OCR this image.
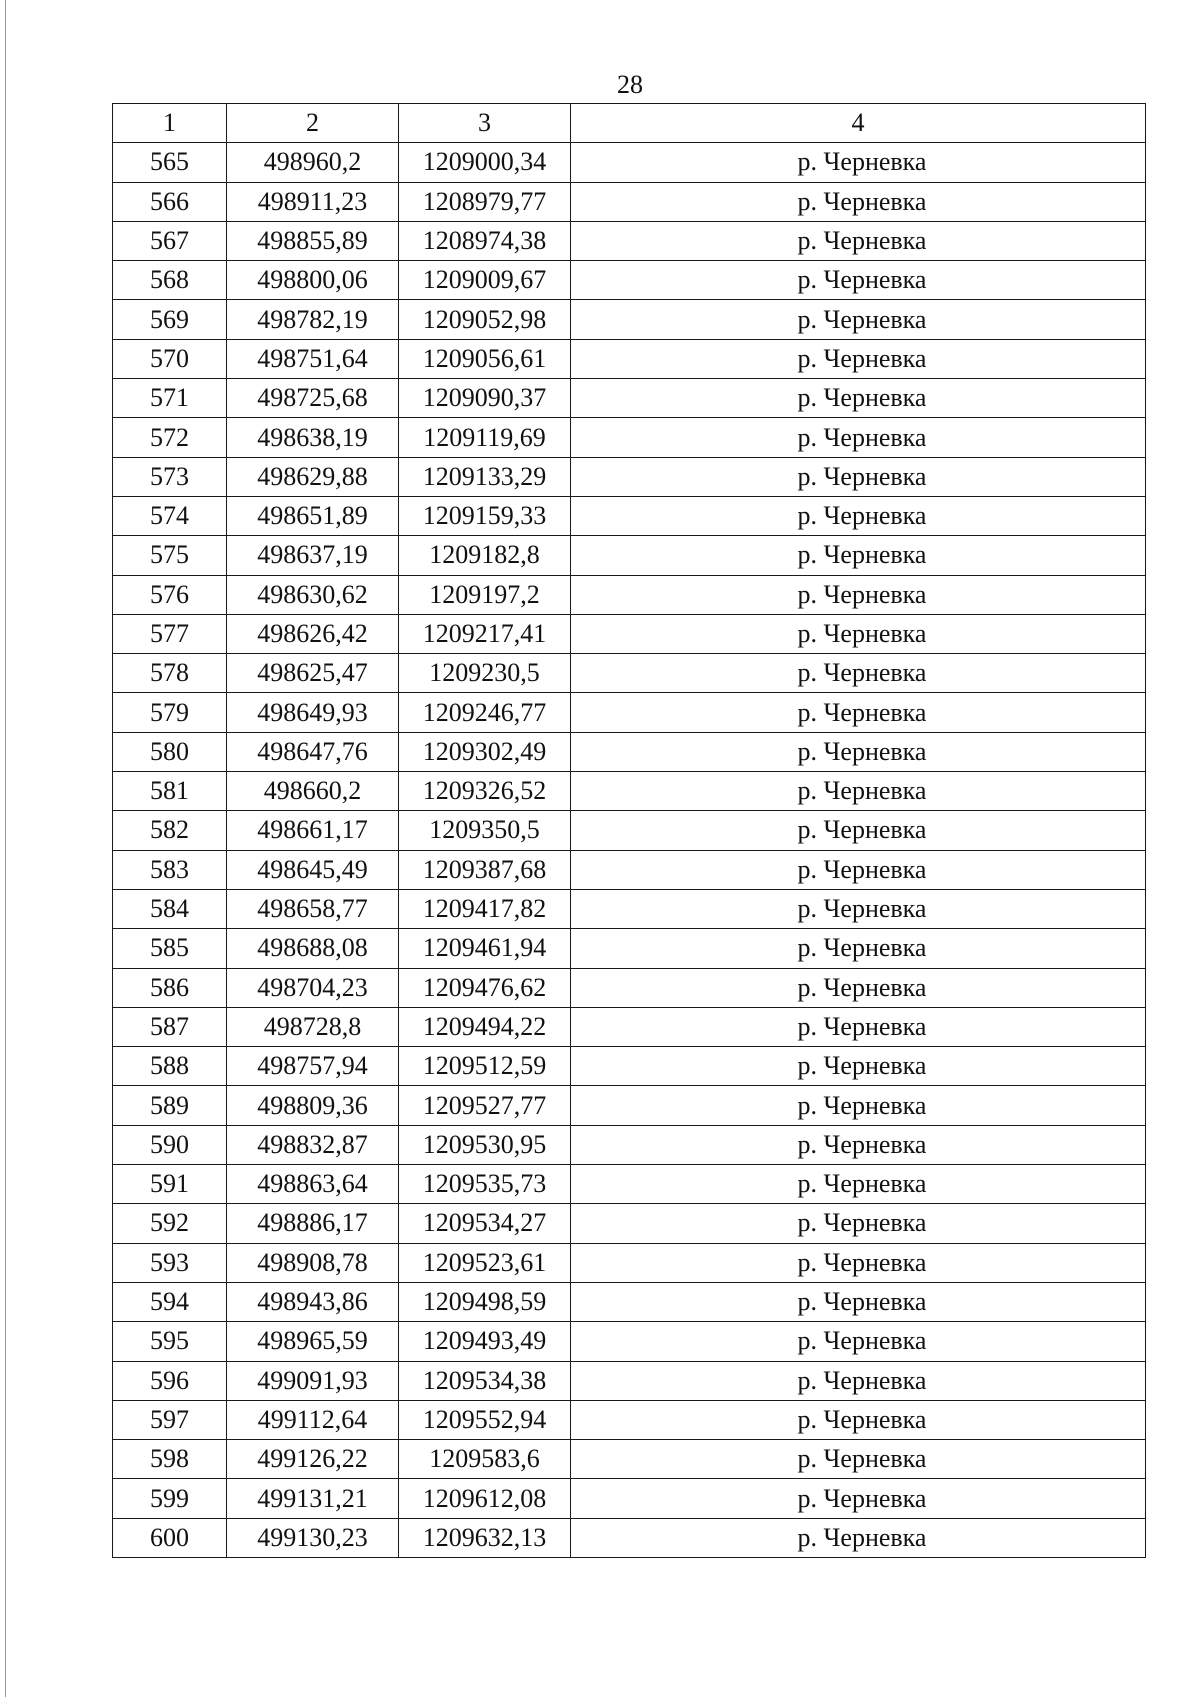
28
1	2	3	4
565	498960,2	1209000,34	р. Черневка
566	498911,23	1208979,77	р. Черневка
567	498855,89	1208974,38	р. Черневка
568	498800,06	1209009,67	р. Черневка
569	498782,19	1209052,98	р. Черневка
570	498751,64	1209056,61	р. Черневка
571	498725,68	1209090,37	р. Черневка
572	498638,19	1209119,69	р. Черневка
573	498629,88	1209133,29	р. Черневка
574	498651,89	1209159,33	р. Черневка
575	498637,19	1209182,8	р. Черневка
576	498630,62	1209197,2	р. Черневка
577	498626,42	1209217,41	р. Черневка
578	498625,47	1209230,5	р. Черневка
579	498649,93	1209246,77	р. Черневка
580	498647,76	1209302,49	р. Черневка
581	498660,2	1209326,52	р. Черневка
582	498661,17	1209350,5	р. Черневка
583	498645,49	1209387,68	р. Черневка
584	498658,77	1209417,82	р. Черневка
585	498688,08	1209461,94	р. Черневка
586	498704,23	1209476,62	р. Черневка
587	498728,8	1209494,22	р. Черневка
588	498757,94	1209512,59	р. Черневка
589	498809,36	1209527,77	р. Черневка
590	498832,87	1209530,95	р. Черневка
591	498863,64	1209535,73	р. Черневка
592	498886,17	1209534,27	р. Черневка
593	498908,78	1209523,61	р. Черневка
594	498943,86	1209498,59	р. Черневка
595	498965,59	1209493,49	р. Черневка
596	499091,93	1209534,38	р. Черневка
597	499112,64	1209552,94	р. Черневка
598	499126,22	1209583,6	р. Черневка
599	499131,21	1209612,08	р. Черневка
600	499130,23	1209632,13	р. Черневка
